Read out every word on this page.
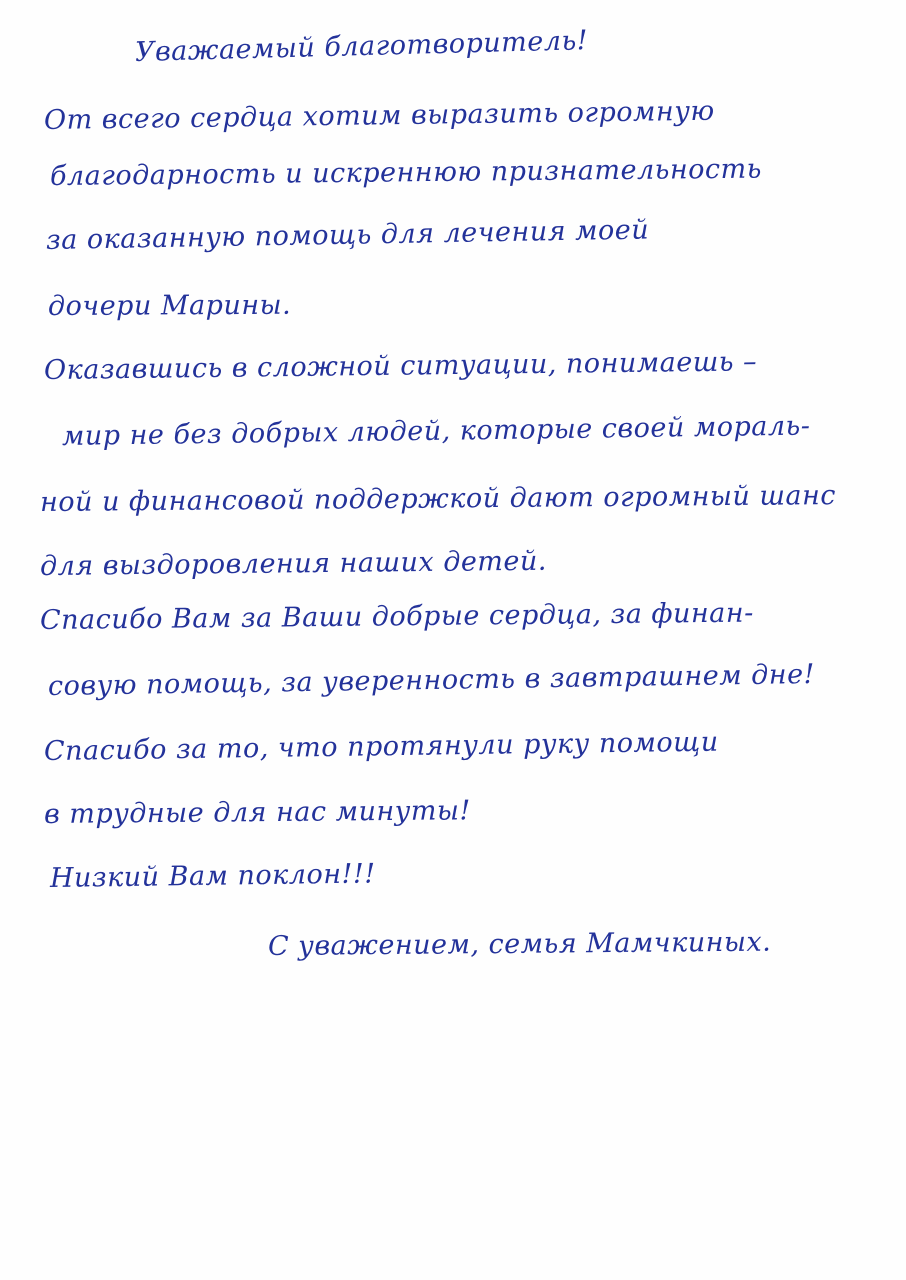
Уважаемый благотворитель!
От всего сердца хотим выразить огромную
благодарность и искреннюю признательность
за оказанную помощь для лечения моей
дочери Марины.
Оказавшись в сложной ситуации, понимаешь –
мир не без добрых людей, которые своей мораль-
ной и финансовой поддержкой дают огромный шанс
для выздоровления наших детей.
Спасибо Вам за Ваши добрые сердца, за финан-
совую помощь, за уверенность в завтрашнем дне!
Спасибо за то, что протянули руку помощи
в трудные для нас минуты!
Низкий Вам поклон!!!
С уважением, семья Мамчкиных.
